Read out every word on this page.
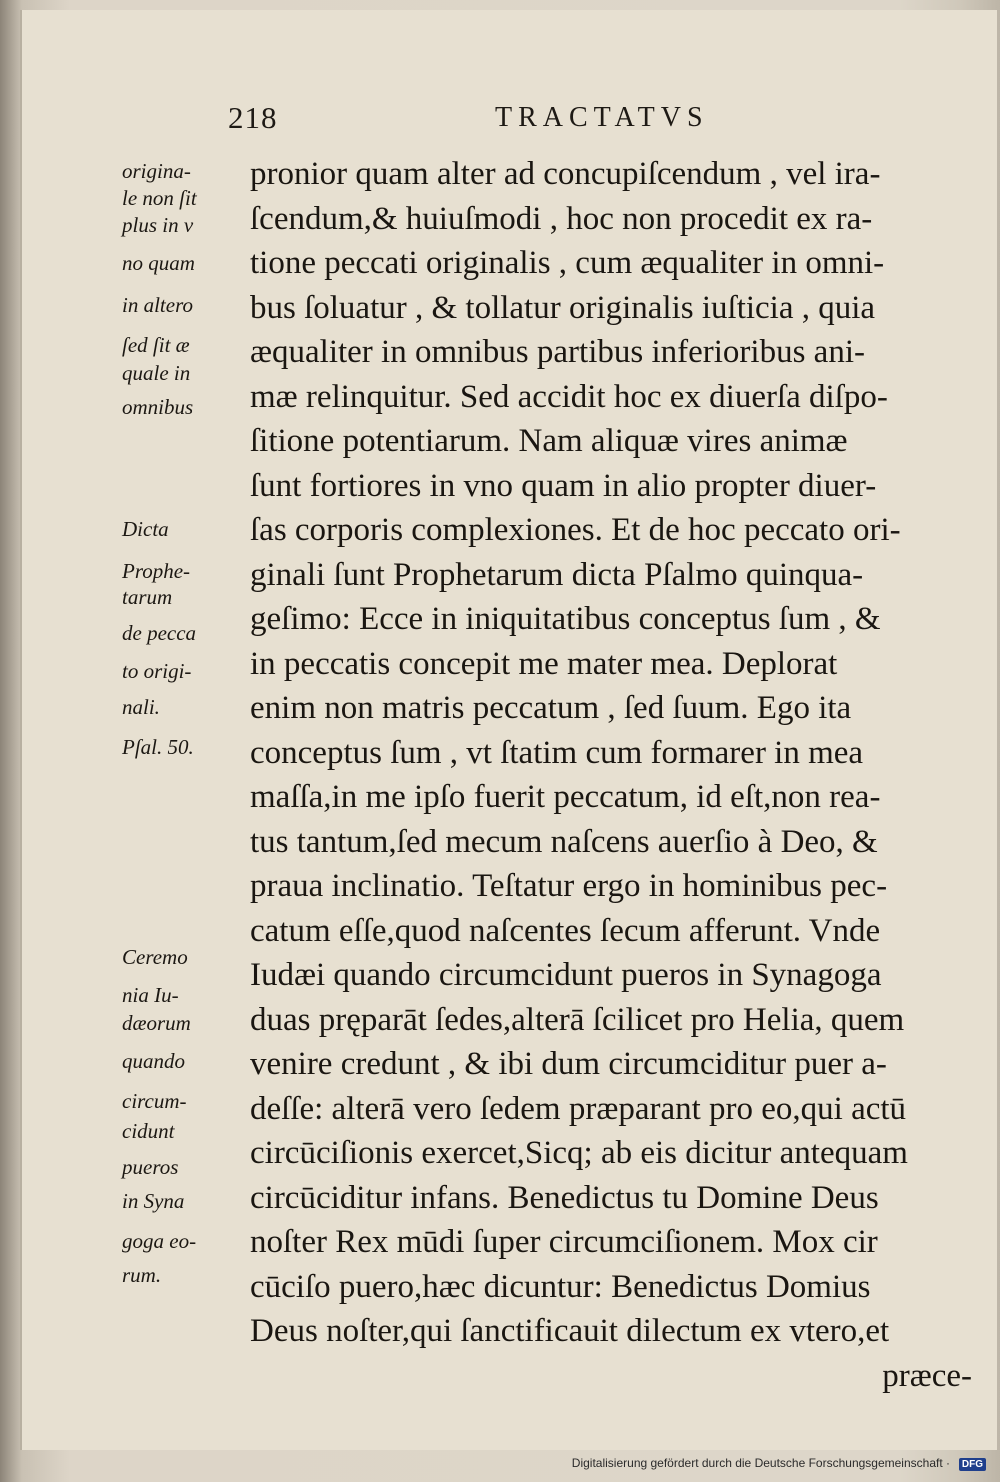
218	TRACTATVS
pronior quam alter ad concupiſcendum , vel ira-
ſcendum,& huiuſmodi , hoc non procedit ex ra-
tione peccati originalis , cum æqualiter in omni-
bus ſoluatur , & tollatur originalis iuſticia , quia
æqualiter in omnibus partibus inferioribus ani-
mæ relinquitur. Sed accidit hoc ex diuerſa diſpo-
ſitione potentiarum. Nam aliquæ vires animæ
ſunt fortiores in vno quam in alio propter diuer-
ſas corporis complexiones. Et de hoc peccato ori-
ginali ſunt Prophetarum dicta Pſalmo quinqua-
geſimo: Ecce in iniquitatibus conceptus ſum , &
in peccatis concepit me mater mea. Deplorat
enim non matris peccatum , ſed ſuum. Ego ita
conceptus ſum , vt ſtatim cum formarer in mea
maſſa,in me ipſo fuerit peccatum, id eſt,non rea-
tus tantum,ſed mecum naſcens auerſio à Deo, &
praua inclinatio. Teſtatur ergo in hominibus pec-
catum eſſe,quod naſcentes ſecum afferunt. Vnde
Iudæi quando circumcidunt pueros in Synagoga
duas pręparāt ſedes,alterā ſcilicet pro Helia, quem
venire credunt , & ibi dum circumciditur puer a-
deſſe: alterā vero ſedem præparant pro eo,qui actū
circūciſionis exercet,Sicq; ab eis dicitur antequam
circūciditur infans. Benedictus tu Domine Deus
noſter Rex mūdi ſuper circumciſionem. Mox cir
cūciſo puero,hæc dicuntur: Benedictus Domius
Deus noſter,qui ſanctificauit dilectum ex vtero,et
præce-
origina-
le non ſit
plus in v
no quam
in altero
ſed ſit æ
quale in
omnibus
Dicta
Prophe-
tarum
de pecca
to origi-
nali.
Pſal. 50.
Ceremo
nia Iu-
dæorum
quando
circum-
cidunt
pueros
in Syna
goga eo-
rum.
Digitalisierung gefördert durch die Deutsche Forschungsgemeinschaft ·	DFG
